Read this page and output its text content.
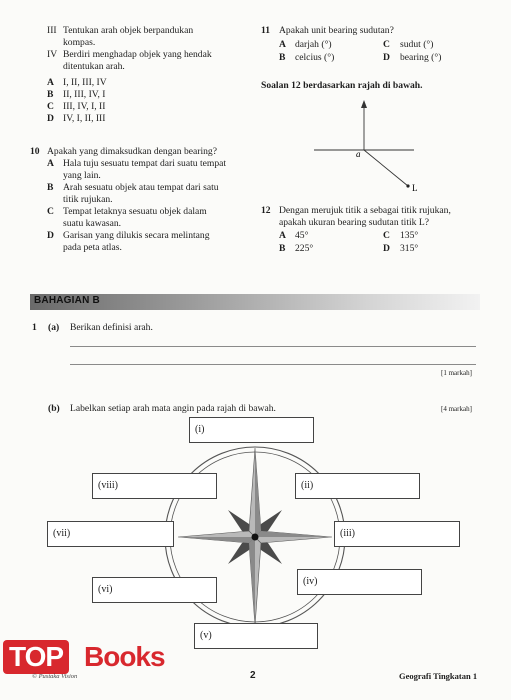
III Tentukan arah objek berpandukan
kompas.
IV Berdiri menghadap objek yang hendak
ditentukan arah.
A I, II, III, IV
B II, III, IV, I
C III, IV, I, II
D IV, I, II, III
10 Apakah yang dimaksudkan dengan bearing?
A Hala tuju sesuatu tempat dari suatu tempat
yang lain.
B Arah sesuatu objek atau tempat dari satu
titik rujukan.
C Tempat letaknya sesuatu objek dalam
suatu kawasan.
D Garisan yang dilukis secara melintang
pada peta atlas.
11 Apakah unit bearing sudutan?
A darjah (°)	C sudut (°)
B celcius (°)	D bearing (°)
Soalan 12 berdasarkan rajah di bawah.
a
L
12 Dengan merujuk titik a sebagai titik rujukan,
apakah ukuran bearing sudutan titik L?
A 45°	C 135°
B 225°	D 315°
BAHAGIAN B
1 (a) Berikan definisi arah.
[1 markah]
(b) Labelkan setiap arah mata angin pada rajah di bawah.	[4 markah]
(i)
(ii)
(iii)
(iv)
(v)
(vi)
(vii)
(viii)
TOP Books
© Pustaka Vision	2	Geografi Tingkatan 1
